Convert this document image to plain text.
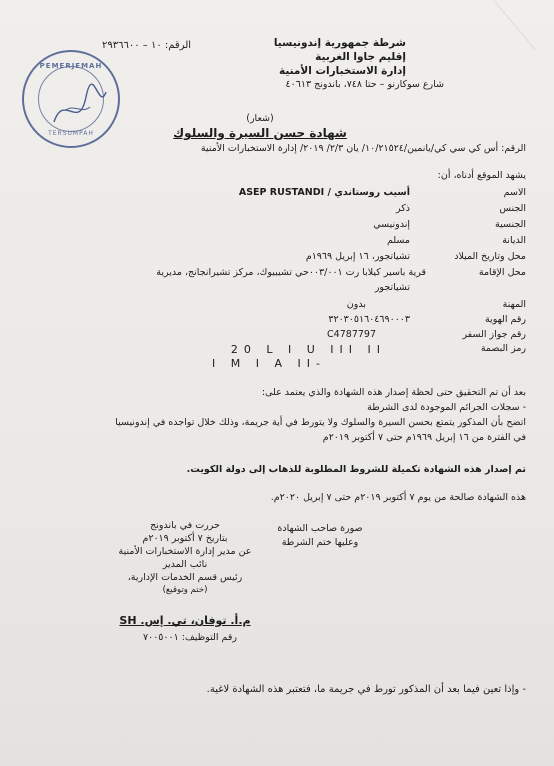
شرطة جمهورية إندونيسيا
إقليم جاوا الغربية
إدارة الاستخبارات الأمنية
شارع سوكارنو – حتا ٧٤٨، باندونج ٤٠٦١٣
الرقم: ١٠ – ٢٩٣٦٦٠٠
PEMERJEMAH
TERSUMPAH
(شعار)
شهادة حسن السيرة والسلوك
الرقم: أس كي سي كي/يانمين/١٠/٢١٥٢٤/ يان ٢/٣/ ٢٠١٩/ إدارة الاستخبارات الأمنية
يشهد الموقع أدناه، أن:
الاسم
أسيب روستاندي / ASEP RUSTANDI
الجنس
ذكر
الجنسية
إندونيسي
الديانة
مسلم
محل وتاريخ الميلاد
تشياتجور، ١٦ إبريل ١٩٦٩م
محل الإقامة
قرية باسير كيلابا رت ٠٠٣/٠٠١حي تشيبيوك، مركز تشيرانجانج، مديرية
تشياتجور
المهنة
بدون
رقم الهوية
٣٢٠٣٠٥١٦٠٤٦٩٠٠٠٣
رقم جواز السفر
C4787797
رمز البصمة
20 L I U III II
I M I A II-
بعد أن تم التحقيق حتى لحظة إصدار هذه الشهادة والذي يعتمد على:
- سجلات الجرائم الموجودة لدى الشرطة
اتضح بأن المذكور يتمتع بحسن السيرة والسلوك ولا يتورط في أية جريمة، وذلك خلال تواجده في إندونيسيا
في الفترة من ١٦ إبريل ١٩٦٩م حتى ٧ أكتوبر ٢٠١٩م
تم إصدار هذه الشهادة تكميلة للشروط المطلوبة للذهاب إلى دولة الكويت.
هذه الشهادة صالحة من يوم ٧ أكتوبر ٢٠١٩م حتى ٧ إبريل ٢٠٢٠م.
حررت في باندونج
بتاريخ ٧ أكتوبر ٢٠١٩م
عن مدير إدارة الاستخبارات الأمنية
نائب المدير
رئيس قسم الخدمات الإدارية،
(ختم وتوقيع)
م.أ. توفان، تي. إس. SH
رقم التوظيف: ٧٠٠٥٠٠١
صورة صاحب الشهادة
وعليها ختم الشرطة
- وإذا تعين فيما بعد أن المذكور تورط في جريمة ما، فتعتبر هذه الشهادة لاغية.
